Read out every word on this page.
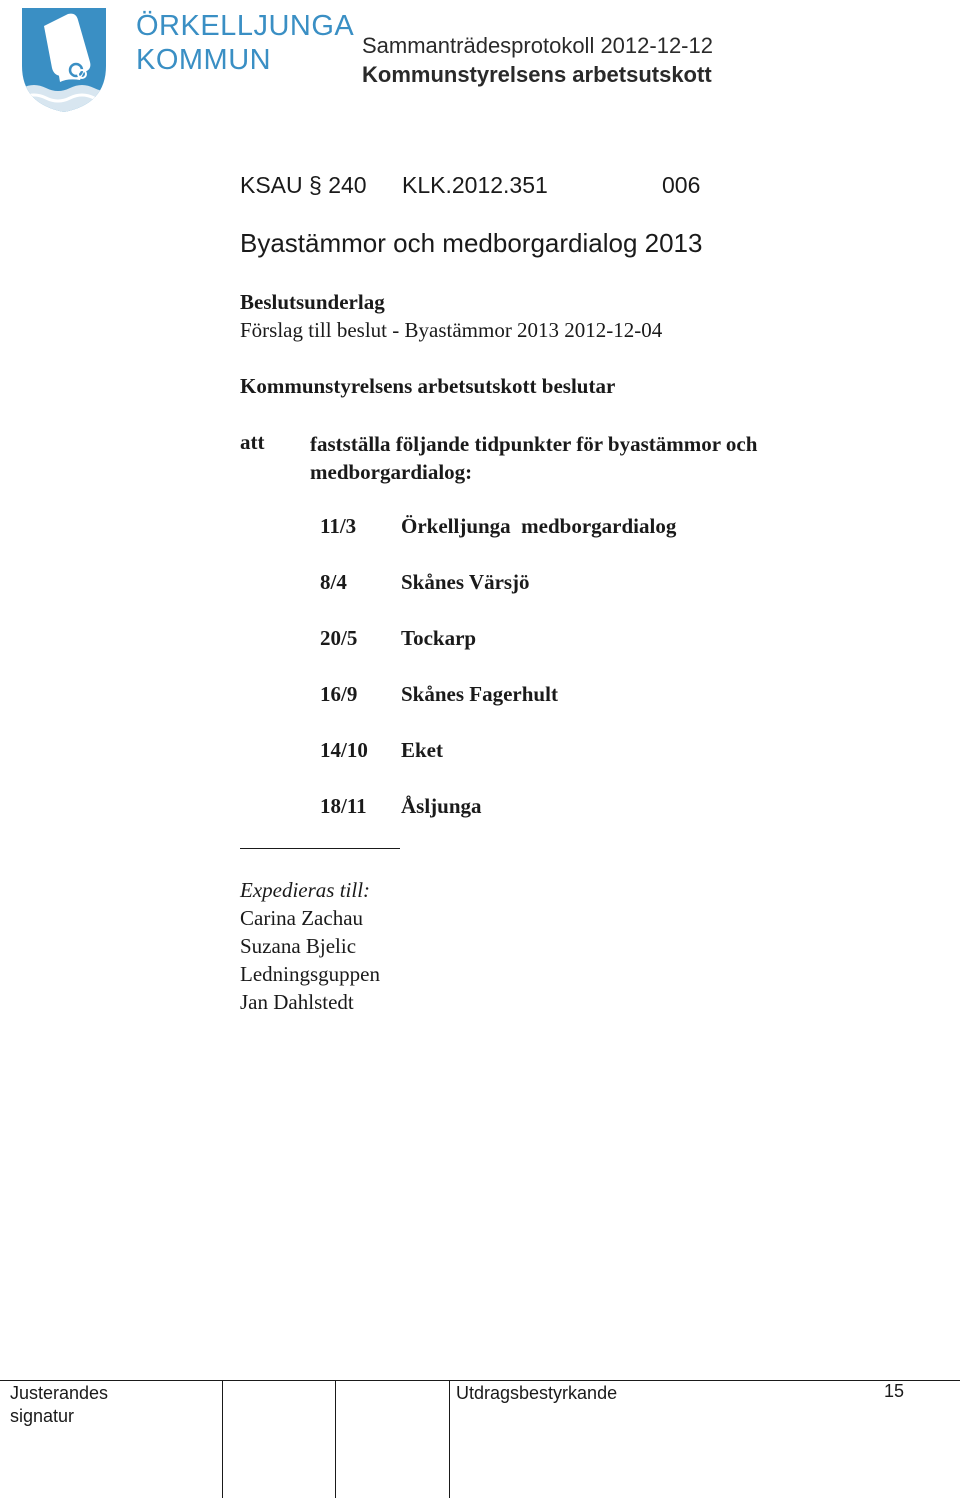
ÖRKELLJUNGA
KOMMUN	Sammanträdesprotokoll 2012-12-12
Kommunstyrelsens arbetsutskott
KSAU § 240 KLK.2012.351	006
Byastämmor och medborgardialog 2013
Beslutsunderlag
Förslag till beslut - Byastämmor 2013 2012-12-04
Kommunstyrelsens arbetsutskott beslutar
att fastställa följande tidpunkter för byastämmor och medborgardialog:
11/3 Örkelljunga  medborgardialog
8/4	Skånes Värsjö
20/5 Tockarp
16/9 Skånes Fagerhult
14/10 Eket
18/11 Åsljunga
Expedieras till:
Carina Zachau
Suzana Bjelic
Ledningsguppen
Jan Dahlstedt
Justerandes
signatur
Utdragsbestyrkande	15
